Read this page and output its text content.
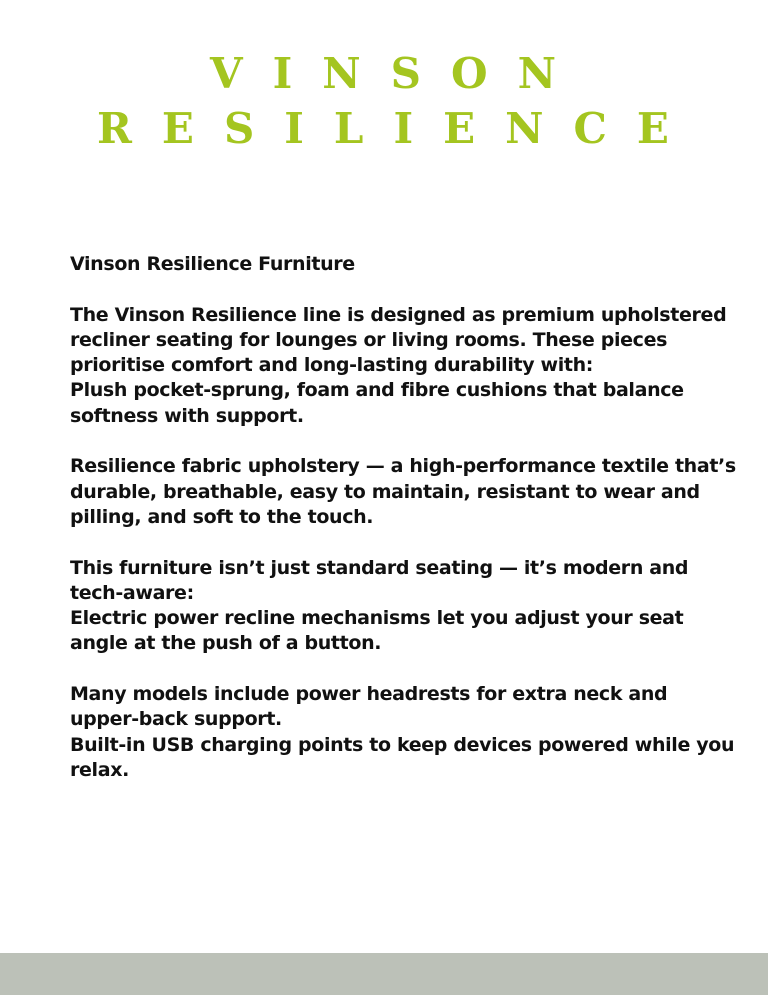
VINSON
RESILIENCE

Vinson Resilience Furniture

The Vinson Resilience line is designed as premium upholstered
recliner seating for lounges or living rooms. These pieces
prioritise comfort and long-lasting durability with:
Plush pocket-sprung, foam and fibre cushions that balance
softness with support.

Resilience fabric upholstery — a high-performance textile that’s
durable, breathable, easy to maintain, resistant to wear and
pilling, and soft to the touch.

This furniture isn’t just standard seating — it’s modern and
tech-aware:
Electric power recline mechanisms let you adjust your seat
angle at the push of a button.

Many models include power headrests for extra neck and
upper-back support.
Built-in USB charging points to keep devices powered while you
relax.
